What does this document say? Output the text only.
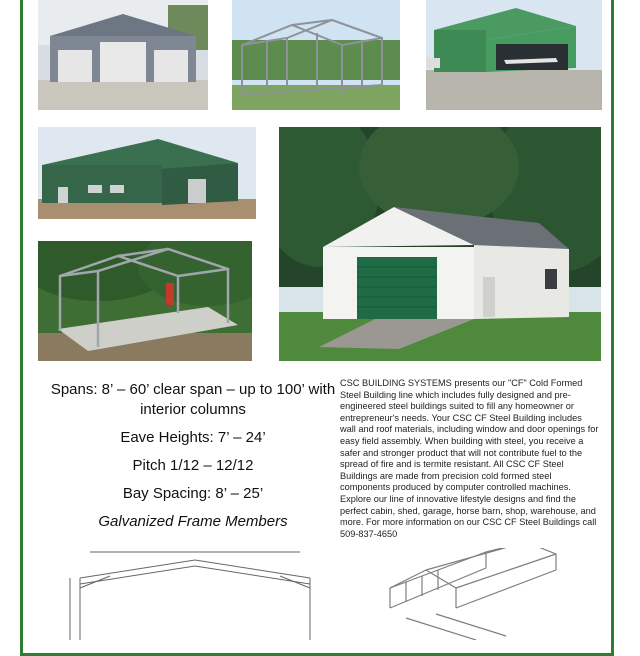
Spans: 8’ – 60’ clear span – up to 100’ with interior columns
Eave Heights: 7’ – 24’
Pitch 1/12 – 12/12
Bay Spacing: 8’ – 25’
Galvanized Frame Members
CSC BUILDING SYSTEMS presents our "CF" Cold Formed Steel Building line which includes fully designed and pre-engineered steel buildings suited to fill any homeowner or entrepreneur's needs. Your CSC CF Steel Building includes wall and roof materials, including window and door openings for easy field assembly. When building with steel, you receive a safer and stronger product that will not contribute fuel to the spread of fire and is termite resistant. All CSC CF Steel Buildings are made from precision cold formed steel components produced by computer controlled machines. Explore our line of innovative lifestyle designs and find the perfect cabin, shed, garage, horse barn, shop, warehouse, and more. For more information on our CSC CF Steel Buildings call 509-837-4650
